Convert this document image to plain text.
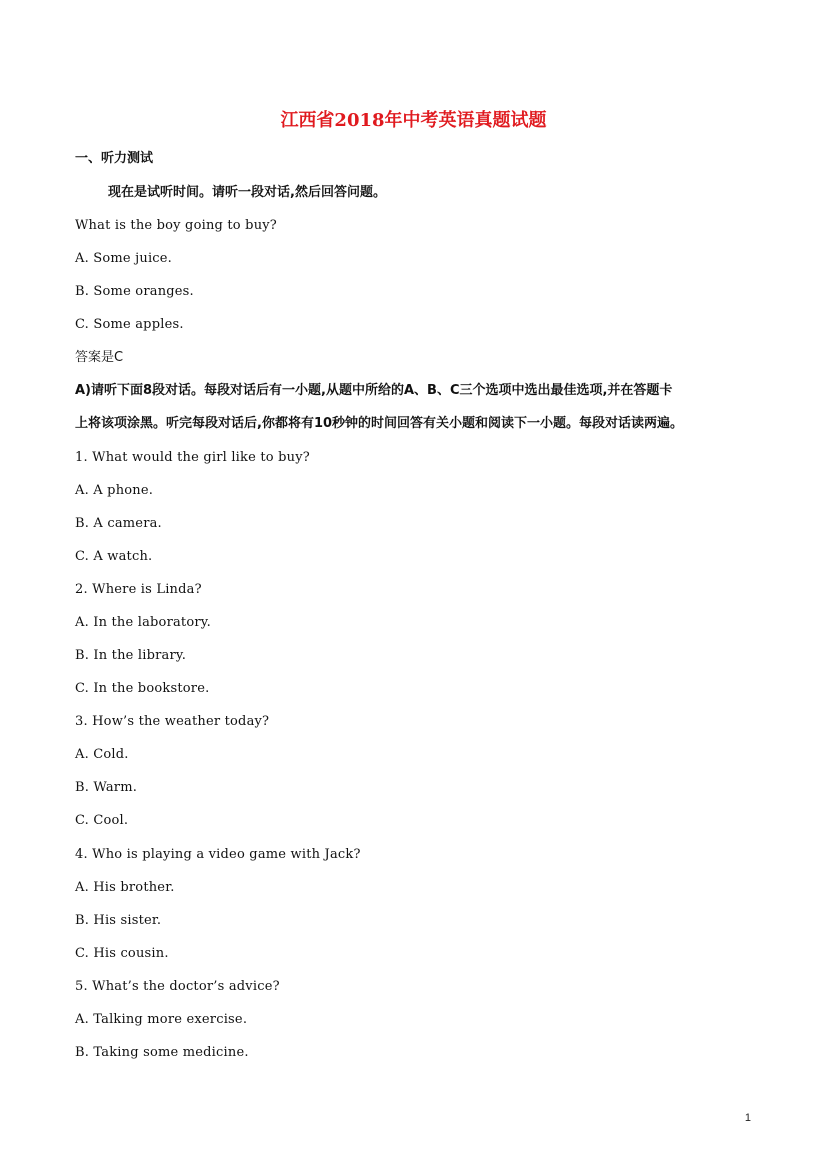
江西省2018年中考英语真题试题
一、听力测试
现在是试听时间。请听一段对话,然后回答问题。
What is the boy going to buy?
A. Some juice.
B. Some oranges.
C. Some apples.
答案是C
A)请听下面8段对话。每段对话后有一小题,从题中所给的A、B、C三个选项中选出最佳选项,并在答题卡
上将该项涂黑。听完每段对话后,你都将有10秒钟的时间回答有关小题和阅读下一小题。每段对话读两遍。
1. What would the girl like to buy?
A. A phone.
B. A camera.
C. A watch.
2. Where is Linda?
A. In the laboratory.
B. In the library.
C. In the bookstore.
3. How’s the weather today?
A. Cold.
B. Warm.
C. Cool.
4. Who is playing a video game with Jack?
A. His brother.
B. His sister.
C. His cousin.
5. What’s the doctor’s advice?
A. Talking more exercise.
B. Taking some medicine.
1
